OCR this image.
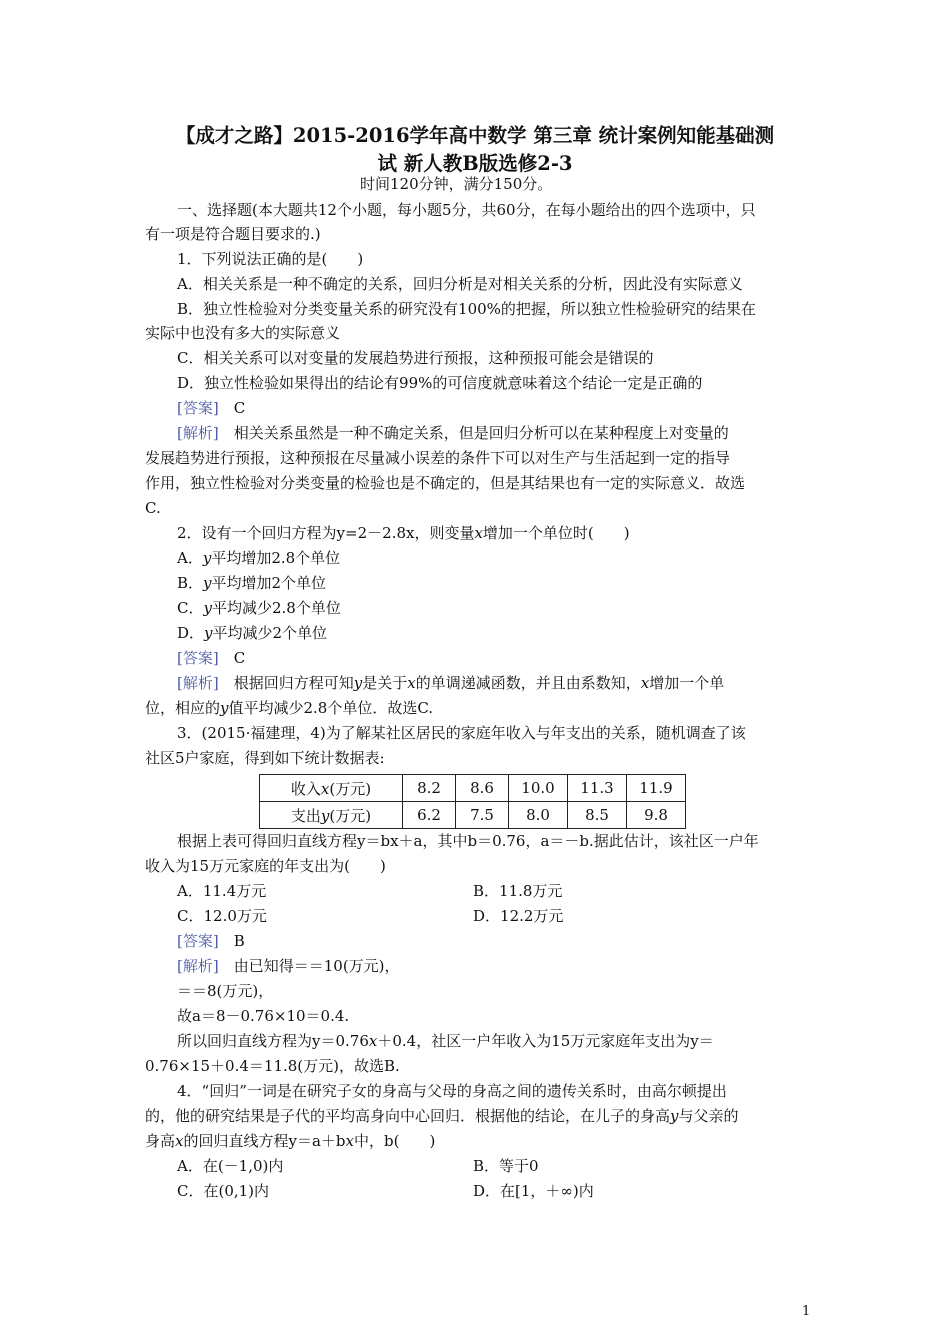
【成才之路】2015-2016学年高中数学 第三章 统计案例知能基础测
试 新人教B版选修2-3
时间120分钟，满分150分。
一、选择题(本大题共12个小题，每小题5分，共60分，在每小题给出的四个选项中，只
有一项是符合题目要求的.)
1．下列说法正确的是(　　)
A．相关关系是一种不确定的关系，回归分析是对相关关系的分析，因此没有实际意义
B．独立性检验对分类变量关系的研究没有100%的把握，所以独立性检验研究的结果在
实际中也没有多大的实际意义
C．相关关系可以对变量的发展趋势进行预报，这种预报可能会是错误的
D．独立性检验如果得出的结论有99%的可信度就意味着这个结论一定是正确的
[答案]　 C
[解析]　 相关关系虽然是一种不确定关系，但是回归分析可以在某种程度上对变量的
发展趋势进行预报，这种预报在尽量减小误差的条件下可以对生产与生活起到一定的指导
作用，独立性检验对分类变量的检验也是不确定的，但是其结果也有一定的实际意义．故选
C.
2．设有一个回归方程为y=2－2.8x，则变量x增加一个单位时(　　)
A．y平均增加2.8个单位
B．y平均增加2个单位
C．y平均减少2.8个单位
D．y平均减少2个单位
[答案]　 C
[解析]　 根据回归方程可知y是关于x的单调递减函数，并且由系数知，x增加一个单
位，相应的y值平均减少2.8个单位．故选C.
3．(2015·福建理，4)为了解某社区居民的家庭年收入与年支出的关系，随机调查了该
社区5户家庭，得到如下统计数据表:
收入x(万元)	8.2	8.6	10.0	11.3	11.9
支出y(万元)	6.2	7.5	8.0	8.5	9.8
根据上表可得回归直线方程y＝bx＋a，其中b＝0.76，a＝－b.据此估计，该社区一户年
收入为15万元家庭的年支出为(　　)
A．11.4万元	B．11.8万元
C．12.0万元	D．12.2万元
[答案]　 B
[解析]　 由已知得＝＝10(万元)，
＝＝8(万元)，
故a＝8－0.76×10＝0.4.
所以回归直线方程为y＝0.76x＋0.4，社区一户年收入为15万元家庭年支出为y＝
0.76×15＋0.4＝11.8(万元)，故选B.
4．“回归”一词是在研究子女的身高与父母的身高之间的遗传关系时，由高尔顿提出
的，他的研究结果是子代的平均高身向中心回归．根据他的结论，在儿子的身高y与父亲的
身高x的回归直线方程y＝a＋bx中，b(　　)
A．在(－1,0)内	B．等于0
C．在(0,1)内	D．在[1，＋∞)内
1
